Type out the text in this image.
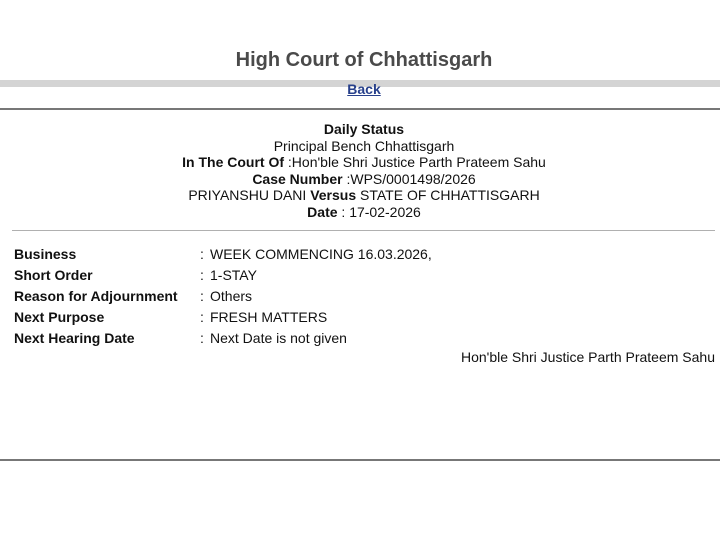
High Court of Chhattisgarh
Back
Daily Status
Principal Bench Chhattisgarh
In The Court Of :Hon'ble Shri Justice Parth Prateem Sahu
Case Number :WPS/0001498/2026
PRIYANSHU DANI Versus STATE OF CHHATTISGARH
Date : 17-02-2026
Business	: WEEK COMMENCING 16.03.2026,
Short Order	: 1-STAY
Reason for Adjournment	: Others
Next Purpose	: FRESH MATTERS
Next Hearing Date	: Next Date is not given
Hon'ble Shri Justice Parth Prateem Sahu
